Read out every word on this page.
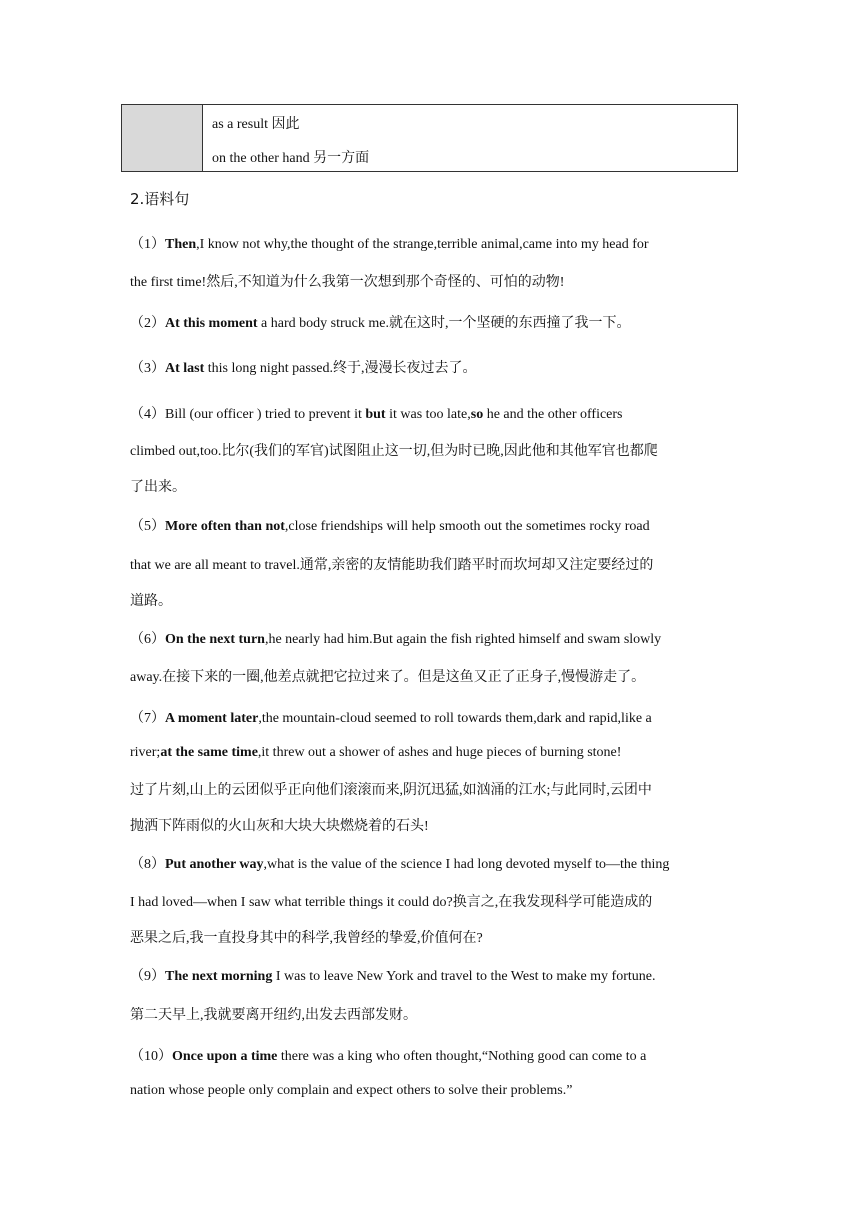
as a result 因此
on the other hand 另一方面
2.语料句
（1）Then,I know not why,the thought of the strange,terrible animal,came into my head for
the first time!然后,不知道为什么我第一次想到那个奇怪的、可怕的动物!
（2）At this moment a hard body struck me.就在这时,一个坚硬的东西撞了我一下。
（3）At last this long night passed.终于,漫漫长夜过去了。
（4）Bill (our officer ) tried to prevent it but it was too late,so he and the other officers
climbed out,too.比尔(我们的军官)试图阻止这一切,但为时已晚,因此他和其他军官也都爬
了出来。
（5）More often than not,close friendships will help smooth out the sometimes rocky road
that we are all meant to travel.通常,亲密的友情能助我们踏平时而坎坷却又注定要经过的
道路。
（6）On the next turn,he nearly had him.But again the fish righted himself and swam slowly
away.在接下来的一圈,他差点就把它拉过来了。但是这鱼又正了正身子,慢慢游走了。
（7）A moment later,the mountain-cloud seemed to roll towards them,dark and rapid,like a
river;at the same time,it threw out a shower of ashes and huge pieces of burning stone!
过了片刻,山上的云团似乎正向他们滚滚而来,阴沉迅猛,如汹涌的江水;与此同时,云团中
抛洒下阵雨似的火山灰和大块大块燃烧着的石头!
（8）Put another way,what is the value of the science I had long devoted myself to—the thing
I had loved—when I saw what terrible things it could do?换言之,在我发现科学可能造成的
恶果之后,我一直投身其中的科学,我曾经的挚爱,价值何在?
（9）The next morning I was to leave New York and travel to the West to make my fortune.
第二天早上,我就要离开纽约,出发去西部发财。
（10）Once upon a time there was a king who often thought,“Nothing good can come to a
nation whose people only complain and expect others to solve their problems.”
